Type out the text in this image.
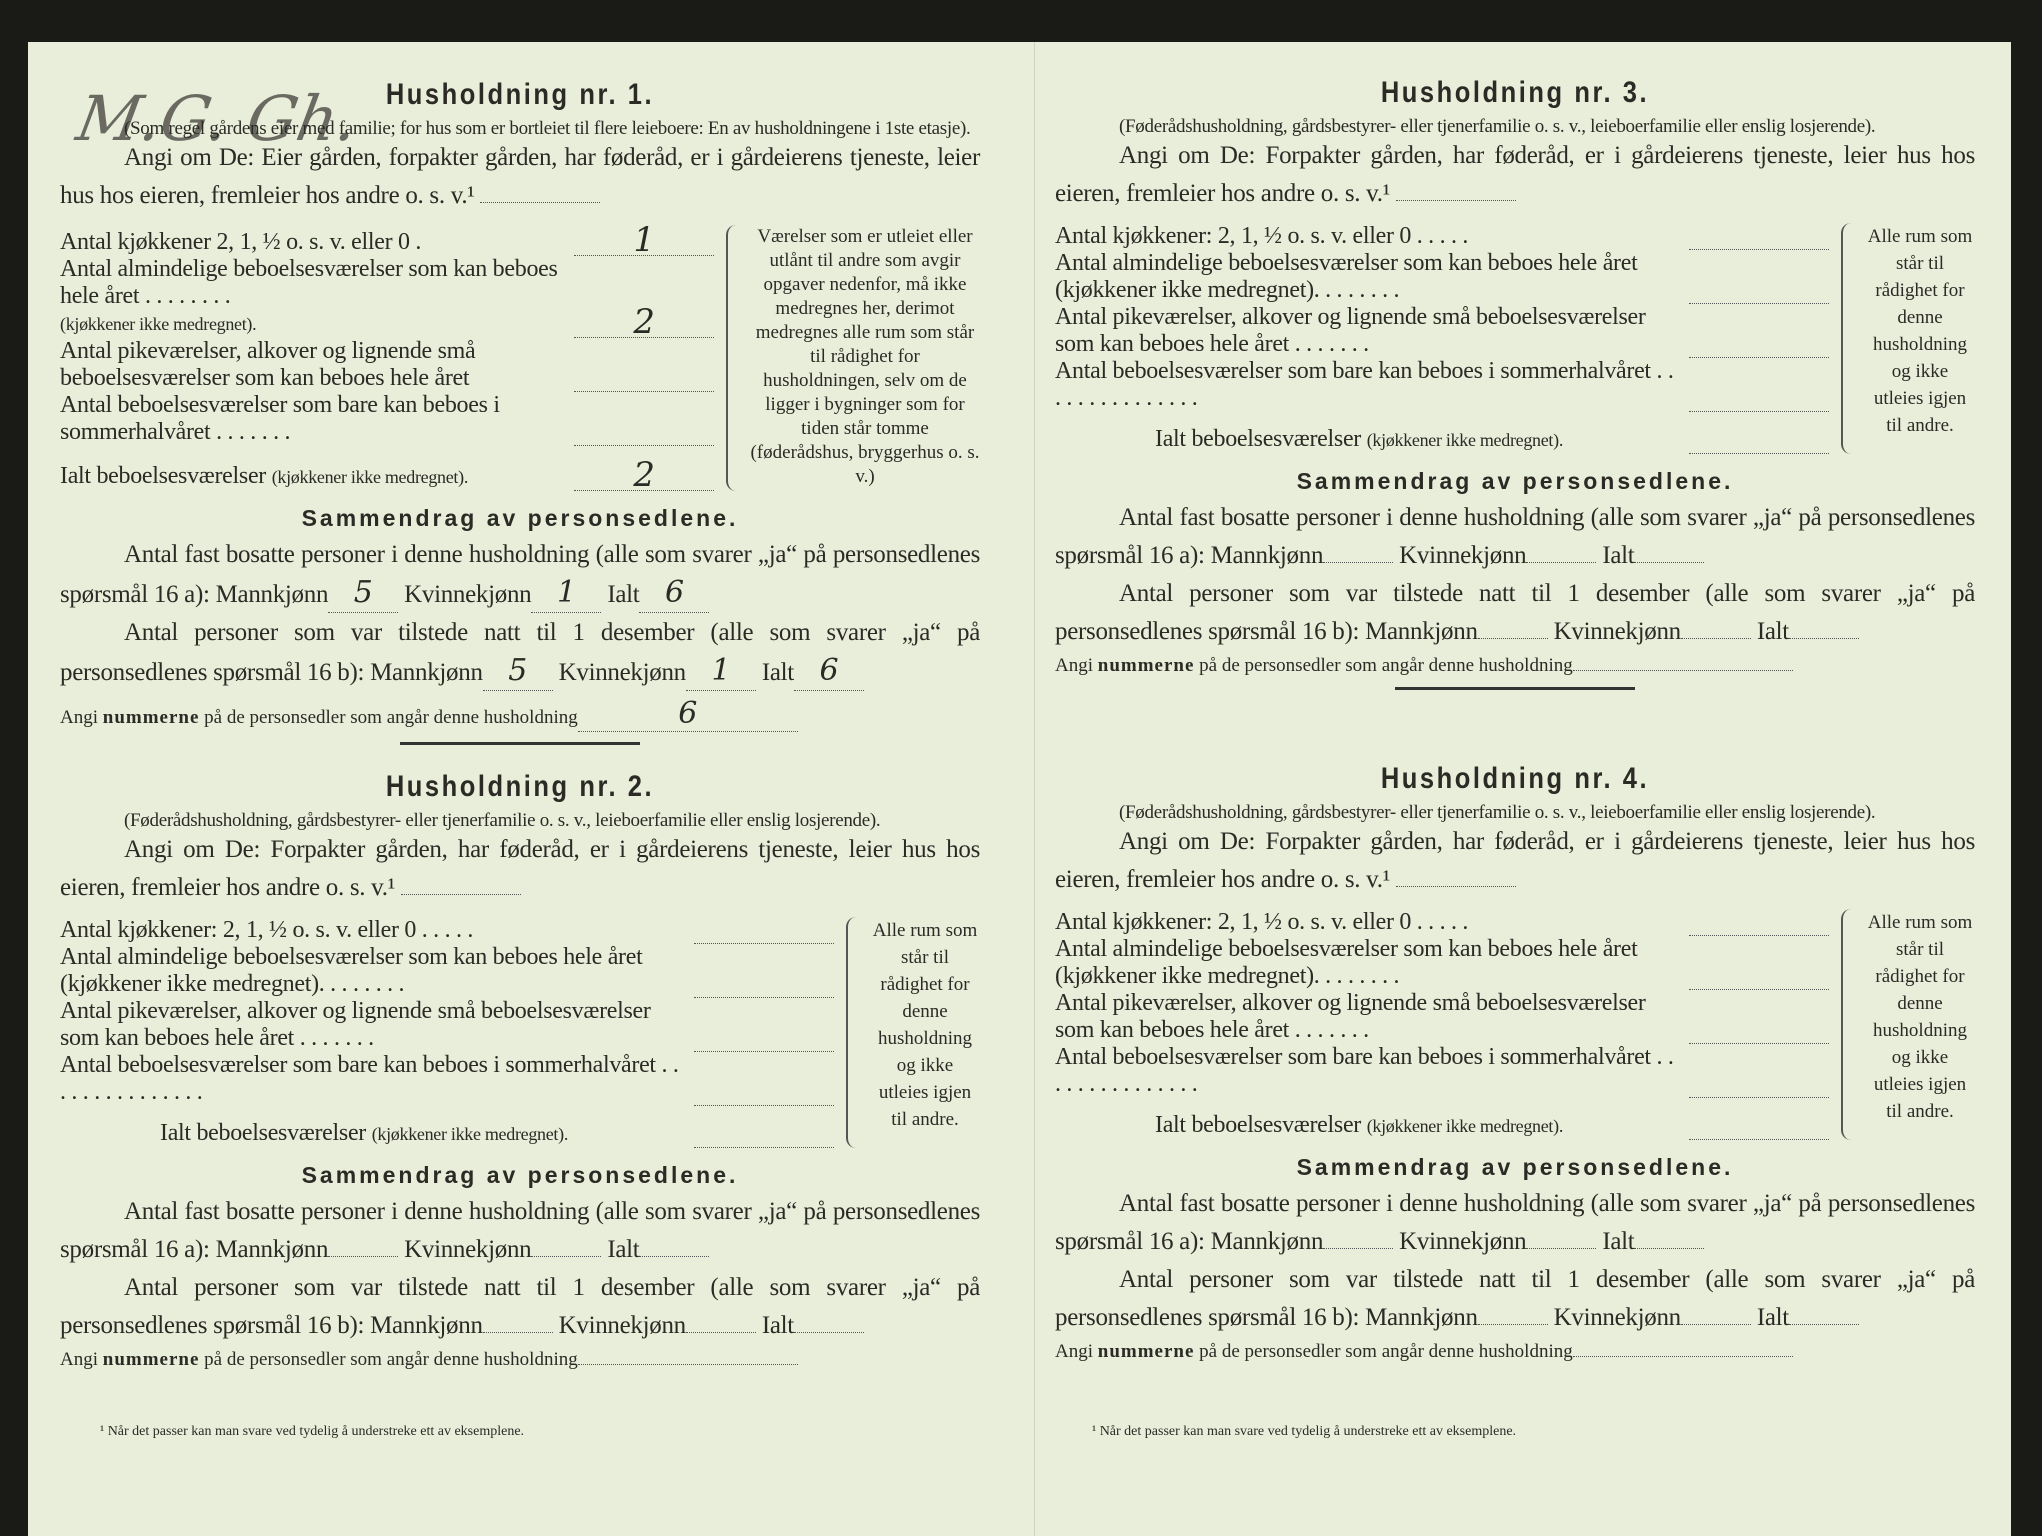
M.G. Gh.
¹ Når det passer kan man svare ved tydelig å understreke ett av eksemplene.	¹ Når det passer kan man svare ved tydelig å understreke ett av eksemplene.
Husholdning nr. 1.
(Som regel gårdens eier med familie; for hus som er bortleiet til flere leieboere: En av husholdningene i 1ste etasje).
Angi om De: Eier gården, forpakter gården, har føderåd, er i gårdeierens tjeneste, leier hus hos eieren, fremleier hos andre o. s. v.¹
Antal kjøkkener 2, 1, ½ o. s. v. eller 0 .	1
Antal almindelige beboelsesværelser som kan beboes hele året . . . . . . . .
(kjøkkener ikke medregnet).	2
Antal pikeværelser, alkover og lignende små beboelsesværelser som kan beboes hele året
Antal beboelsesværelser som bare kan beboes i sommerhalvåret . . . . . . .
Ialt beboelsesværelser (kjøkkener ikke medregnet).	2
Værelser som er utleiet eller utlånt til andre som avgir opgaver nedenfor, må ikke medregnes her, derimot medregnes alle rum som står til rådighet for husholdningen, selv om de ligger i bygninger som for tiden står tomme (føderådshus, bryggerhus o. s. v.)
Sammendrag av personsedlene.
Antal fast bosatte personer i denne husholdning (alle som svarer „ja“ på personsedlenes spørsmål 16 a): Mannkjønn 5 Kvinnekjønn 1 Ialt 6
Antal personer som var tilstede natt til 1 desember (alle som svarer „ja“ på personsedlenes spørsmål 16 b): Mannkjønn 5 Kvinnekjønn 1 Ialt 6
Angi nummerne på de personsedler som angår denne husholdning	6
Husholdning nr. 2.
(Føderådshusholdning, gårdsbestyrer- eller tjenerfamilie o. s. v., leieboerfamilie eller enslig losjerende).
Angi om De: Forpakter gården, har føderåd, er i gårdeierens tjeneste, leier hus hos eieren, fremleier hos andre o. s. v.¹
Antal kjøkkener: 2, 1, ½ o. s. v. eller 0 . . . . .
Antal almindelige beboelsesværelser som kan beboes hele året (kjøkkener ikke medregnet). . . . . . . .
Antal pikeværelser, alkover og lignende små beboelsesværelser som kan beboes hele året . . . . . . .
Antal beboelsesværelser som bare kan beboes i sommerhalvåret . . . . . . . . . . . . . . .
Ialt beboelsesværelser (kjøkkener ikke medregnet).
Alle rum som står til rådighet for denne husholdning og ikke utleies igjen til andre.
Sammendrag av personsedlene.
Antal fast bosatte personer i denne husholdning (alle som svarer „ja“ på personsedlenes spørsmål 16 a): Mannkjønn	Kvinnekjønn	Ialt
Antal personer som var tilstede natt til 1 desember (alle som svarer „ja“ på personsedlenes spørsmål 16 b): Mannkjønn	Kvinnekjønn	Ialt
Angi nummerne på de personsedler som angår denne husholdning
Husholdning nr. 3.
(Føderådshusholdning, gårdsbestyrer- eller tjenerfamilie o. s. v., leieboerfamilie eller enslig losjerende).
Angi om De: Forpakter gården, har føderåd, er i gårdeierens tjeneste, leier hus hos eieren, fremleier hos andre o. s. v.¹
Antal kjøkkener: 2, 1, ½ o. s. v. eller 0 . . . . .
Antal almindelige beboelsesværelser som kan beboes hele året (kjøkkener ikke medregnet). . . . . . . .
Antal pikeværelser, alkover og lignende små beboelsesværelser som kan beboes hele året . . . . . . .
Antal beboelsesværelser som bare kan beboes i sommerhalvåret . . . . . . . . . . . . . . .
Ialt beboelsesværelser (kjøkkener ikke medregnet).
Alle rum som står til rådighet for denne husholdning og ikke utleies igjen til andre.
Sammendrag av personsedlene.
Antal fast bosatte personer i denne husholdning (alle som svarer „ja“ på personsedlenes spørsmål 16 a): Mannkjønn	Kvinnekjønn	Ialt
Antal personer som var tilstede natt til 1 desember (alle som svarer „ja“ på personsedlenes spørsmål 16 b): Mannkjønn	Kvinnekjønn	Ialt
Angi nummerne på de personsedler som angår denne husholdning
Husholdning nr. 4.
(Føderådshusholdning, gårdsbestyrer- eller tjenerfamilie o. s. v., leieboerfamilie eller enslig losjerende).
Angi om De: Forpakter gården, har føderåd, er i gårdeierens tjeneste, leier hus hos eieren, fremleier hos andre o. s. v.¹
Antal kjøkkener: 2, 1, ½ o. s. v. eller 0 . . . . .
Antal almindelige beboelsesværelser som kan beboes hele året (kjøkkener ikke medregnet). . . . . . . .
Antal pikeværelser, alkover og lignende små beboelsesværelser som kan beboes hele året . . . . . . .
Antal beboelsesværelser som bare kan beboes i sommerhalvåret . . . . . . . . . . . . . . .
Ialt beboelsesværelser (kjøkkener ikke medregnet).
Alle rum som står til rådighet for denne husholdning og ikke utleies igjen til andre.
Sammendrag av personsedlene.
Antal fast bosatte personer i denne husholdning (alle som svarer „ja“ på personsedlenes spørsmål 16 a): Mannkjønn	Kvinnekjønn	Ialt
Antal personer som var tilstede natt til 1 desember (alle som svarer „ja“ på personsedlenes spørsmål 16 b): Mannkjønn	Kvinnekjønn	Ialt
Angi nummerne på de personsedler som angår denne husholdning
